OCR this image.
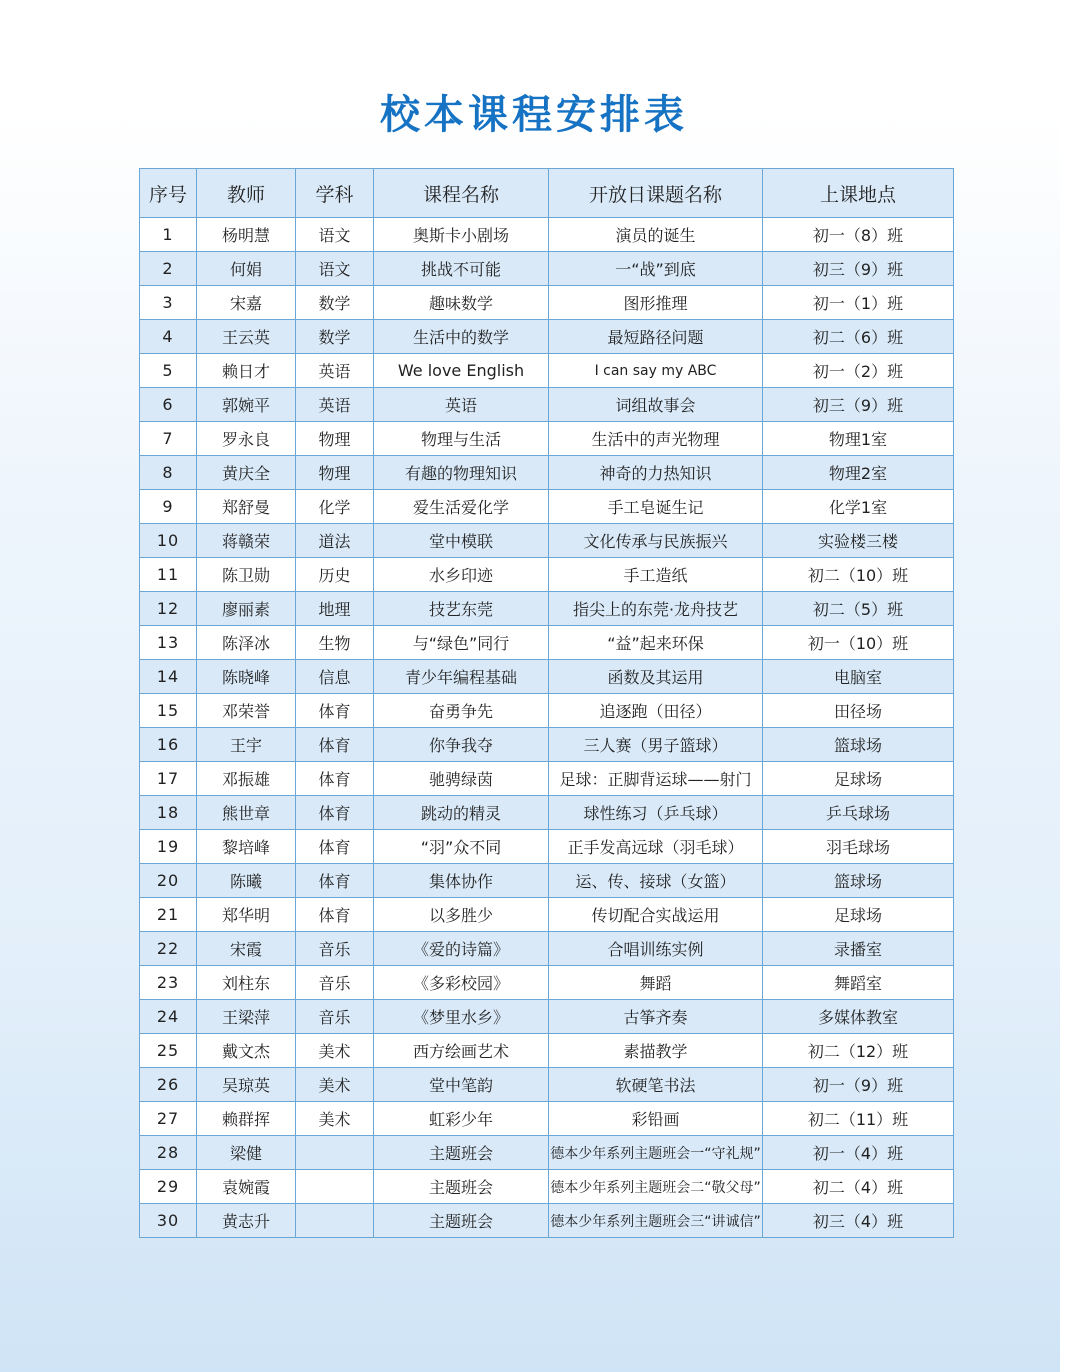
校本课程安排表
序号	教师	学科	课程名称	开放日课题名称	上课地点
1	杨明慧	语文	奥斯卡小剧场	演员的诞生	初一（8）班
2	何娟	语文	挑战不可能	一“战”到底	初三（9）班
3	宋嘉	数学	趣味数学	图形推理	初一（1）班
4	王云英	数学	生活中的数学	最短路径问题	初二（6）班
5	赖日才	英语	We love English	I can say my ABC	初一（2）班
6	郭婉平	英语	英语	词组故事会	初三（9）班
7	罗永良	物理	物理与生活	生活中的声光物理	物理1室
8	黄庆全	物理	有趣的物理知识	神奇的力热知识	物理2室
9	郑舒曼	化学	爱生活爱化学	手工皂诞生记	化学1室
10	蒋赣荣	道法	堂中模联	文化传承与民族振兴	实验楼三楼
11	陈卫勋	历史	水乡印迹	手工造纸	初二（10）班
12	廖丽素	地理	技艺东莞	指尖上的东莞·龙舟技艺	初二（5）班
13	陈泽冰	生物	与“绿色”同行	“益”起来环保	初一（10）班
14	陈晓峰	信息	青少年编程基础	函数及其运用	电脑室
15	邓荣誉	体育	奋勇争先	追逐跑（田径）	田径场
16	王宇	体育	你争我夺	三人赛（男子篮球）	篮球场
17	邓振雄	体育	驰骋绿茵	足球：正脚背运球——射门	足球场
18	熊世章	体育	跳动的精灵	球性练习（乒乓球）	乒乓球场
19	黎培峰	体育	“羽”众不同	正手发高远球（羽毛球）	羽毛球场
20	陈曦	体育	集体协作	运、传、接球（女篮）	篮球场
21	郑华明	体育	以多胜少	传切配合实战运用	足球场
22	宋霞	音乐	《爱的诗篇》	合唱训练实例	录播室
23	刘柱东	音乐	《多彩校园》	舞蹈	舞蹈室
24	王梁萍	音乐	《梦里水乡》	古筝齐奏	多媒体教室
25	戴文杰	美术	西方绘画艺术	素描教学	初二（12）班
26	吴琼英	美术	堂中笔韵	软硬笔书法	初一（9）班
27	赖群挥	美术	虹彩少年	彩铅画	初二（11）班
28	梁健		主题班会	德本少年系列主题班会一“守礼规”	初一（4）班
29	袁婉霞		主题班会	德本少年系列主题班会二“敬父母”	初二（4）班
30	黄志升		主题班会	德本少年系列主题班会三“讲诚信”	初三（4）班
